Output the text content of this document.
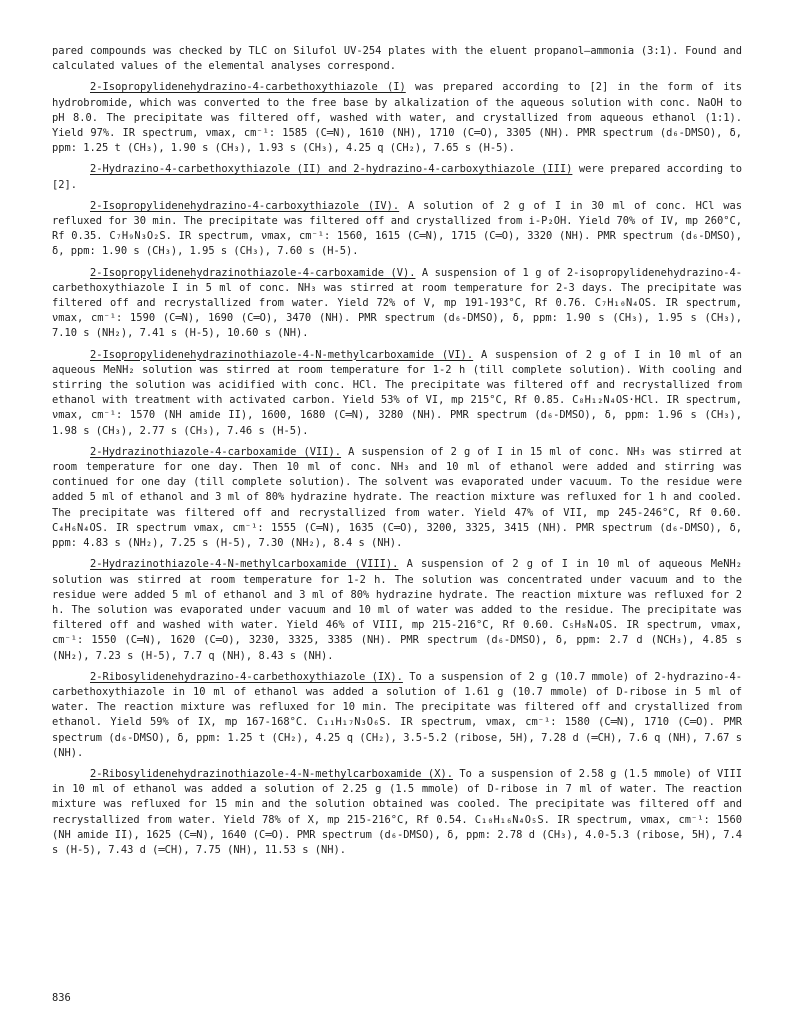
pared compounds was checked by TLC on Silufol UV-254 plates with the eluent propanol—ammonia (3:1). Found and calculated values of the elemental analyses correspond.

2-Isopropylidenehydrazino-4-carbethoxythiazole (I) was prepared according to [2] in the form of its hydrobromide, which was converted to the free base by alkalization of the aqueous solution with conc. NaOH to pH 8.0. The precipitate was filtered off, washed with water, and crystallized from aqueous ethanol (1:1). Yield 97%. IR spectrum, νmax, cm⁻¹: 1585 (C═N), 1610 (NH), 1710 (C═O), 3305 (NH). PMR spectrum (d₆-DMSO), δ, ppm: 1.25 t (CH₃), 1.90 s (CH₃), 1.93 s (CH₃), 4.25 q (CH₂), 7.65 s (H-5).

2-Hydrazino-4-carbethoxythiazole (II) and 2-hydrazino-4-carboxythiazole (III) were prepared according to [2].

2-Isopropylidenehydrazino-4-carboxythiazole (IV). A solution of 2 g of I in 30 ml of conc. HCl was refluxed for 30 min. The precipitate was filtered off and crystallized from i-P₂OH. Yield 70% of IV, mp 260°C, Rf 0.35. C₇H₉N₃O₂S. IR spectrum, νmax, cm⁻¹: 1560, 1615 (C═N), 1715 (C═O), 3320 (NH). PMR spectrum (d₆-DMSO), δ, ppm: 1.90 s (CH₃), 1.95 s (CH₃), 7.60 s (H-5).

2-Isopropylidenehydrazinothiazole-4-carboxamide (V). A suspension of 1 g of 2-isopropylidenehydrazino-4-carbethoxythiazole I in 5 ml of conc. NH₃ was stirred at room temperature for 2-3 days. The precipitate was filtered off and recrystallized from water. Yield 72% of V, mp 191-193°C, Rf 0.76. C₇H₁₀N₄OS. IR spectrum, νmax, cm⁻¹: 1590 (C═N), 1690 (C═O), 3470 (NH). PMR spectrum (d₆-DMSO), δ, ppm: 1.90 s (CH₃), 1.95 s (CH₃), 7.10 s (NH₂), 7.41 s (H-5), 10.60 s (NH).

2-Isopropylidenehydrazinothiazole-4-N-methylcarboxamide (VI). A suspension of 2 g of I in 10 ml of an aqueous MeNH₂ solution was stirred at room temperature for 1-2 h (till complete solution). With cooling and stirring the solution was acidified with conc. HCl. The precipitate was filtered off and recrystallized from ethanol with treatment with activated carbon. Yield 53% of VI, mp 215°C, Rf 0.85. C₈H₁₂N₄OS·HCl. IR spectrum, νmax, cm⁻¹: 1570 (NH amide II), 1600, 1680 (C═N), 3280 (NH). PMR spectrum (d₆-DMSO), δ, ppm: 1.96 s (CH₃), 1.98 s (CH₃), 2.77 s (CH₃), 7.46 s (H-5).

2-Hydrazinothiazole-4-carboxamide (VII). A suspension of 2 g of I in 15 ml of conc. NH₃ was stirred at room temperature for one day. Then 10 ml of conc. NH₃ and 10 ml of ethanol were added and stirring was continued for one day (till complete solution). The solvent was evaporated under vacuum. To the residue were added 5 ml of ethanol and 3 ml of 80% hydrazine hydrate. The reaction mixture was refluxed for 1 h and cooled. The precipitate was filtered off and recrystallized from water. Yield 47% of VII, mp 245-246°C, Rf 0.60. C₄H₆N₄OS. IR spectrum νmax, cm⁻¹: 1555 (C═N), 1635 (C═O), 3200, 3325, 3415 (NH). PMR spectrum (d₆-DMSO), δ, ppm: 4.83 s (NH₂), 7.25 s (H-5), 7.30 (NH₂), 8.4 s (NH).

2-Hydrazinothiazole-4-N-methylcarboxamide (VIII). A suspension of 2 g of I in 10 ml of aqueous MeNH₂ solution was stirred at room temperature for 1-2 h. The solution was concentrated under vacuum and to the residue were added 5 ml of ethanol and 3 ml of 80% hydrazine hydrate. The reaction mixture was refluxed for 2 h. The solution was evaporated under vacuum and 10 ml of water was added to the residue. The precipitate was filtered off and washed with water. Yield 46% of VIII, mp 215-216°C, Rf 0.60. C₅H₈N₄OS. IR spectrum, νmax, cm⁻¹: 1550 (C═N), 1620 (C═O), 3230, 3325, 3385 (NH). PMR spectrum (d₆-DMSO), δ, ppm: 2.7 d (NCH₃), 4.85 s (NH₂), 7.23 s (H-5), 7.7 q (NH), 8.43 s (NH).

2-Ribosylidenehydrazino-4-carbethoxythiazole (IX). To a suspension of 2 g (10.7 mmole) of 2-hydrazino-4-carbethoxythiazole in 10 ml of ethanol was added a solution of 1.61 g (10.7 mmole) of D-ribose in 5 ml of water. The reaction mixture was refluxed for 10 min. The precipitate was filtered off and crystallized from ethanol. Yield 59% of IX, mp 167-168°C. C₁₁H₁₇N₃O₆S. IR spectrum, νmax, cm⁻¹: 1580 (C═N), 1710 (C═O). PMR spectrum (d₆-DMSO), δ, ppm: 1.25 t (CH₂), 4.25 q (CH₂), 3.5-5.2 (ribose, 5H), 7.28 d (═CH), 7.6 q (NH), 7.67 s (NH).

2-Ribosylidenehydrazinothiazole-4-N-methylcarboxamide (X). To a suspension of 2.58 g (1.5 mmole) of VIII in 10 ml of ethanol was added a solution of 2.25 g (1.5 mmole) of D-ribose in 7 ml of water. The reaction mixture was refluxed for 15 min and the solution obtained was cooled. The precipitate was filtered off and recrystallized from water. Yield 78% of X, mp 215-216°C, Rf 0.54. C₁₀H₁₆N₄O₅S. IR spectrum, νmax, cm⁻¹: 1560 (NH amide II), 1625 (C═N), 1640 (C═O). PMR spectrum (d₆-DMSO), δ, ppm: 2.78 d (CH₃), 4.0-5.3 (ribose, 5H), 7.4 s (H-5), 7.43 d (═CH), 7.75 (NH), 11.53 s (NH).

836
